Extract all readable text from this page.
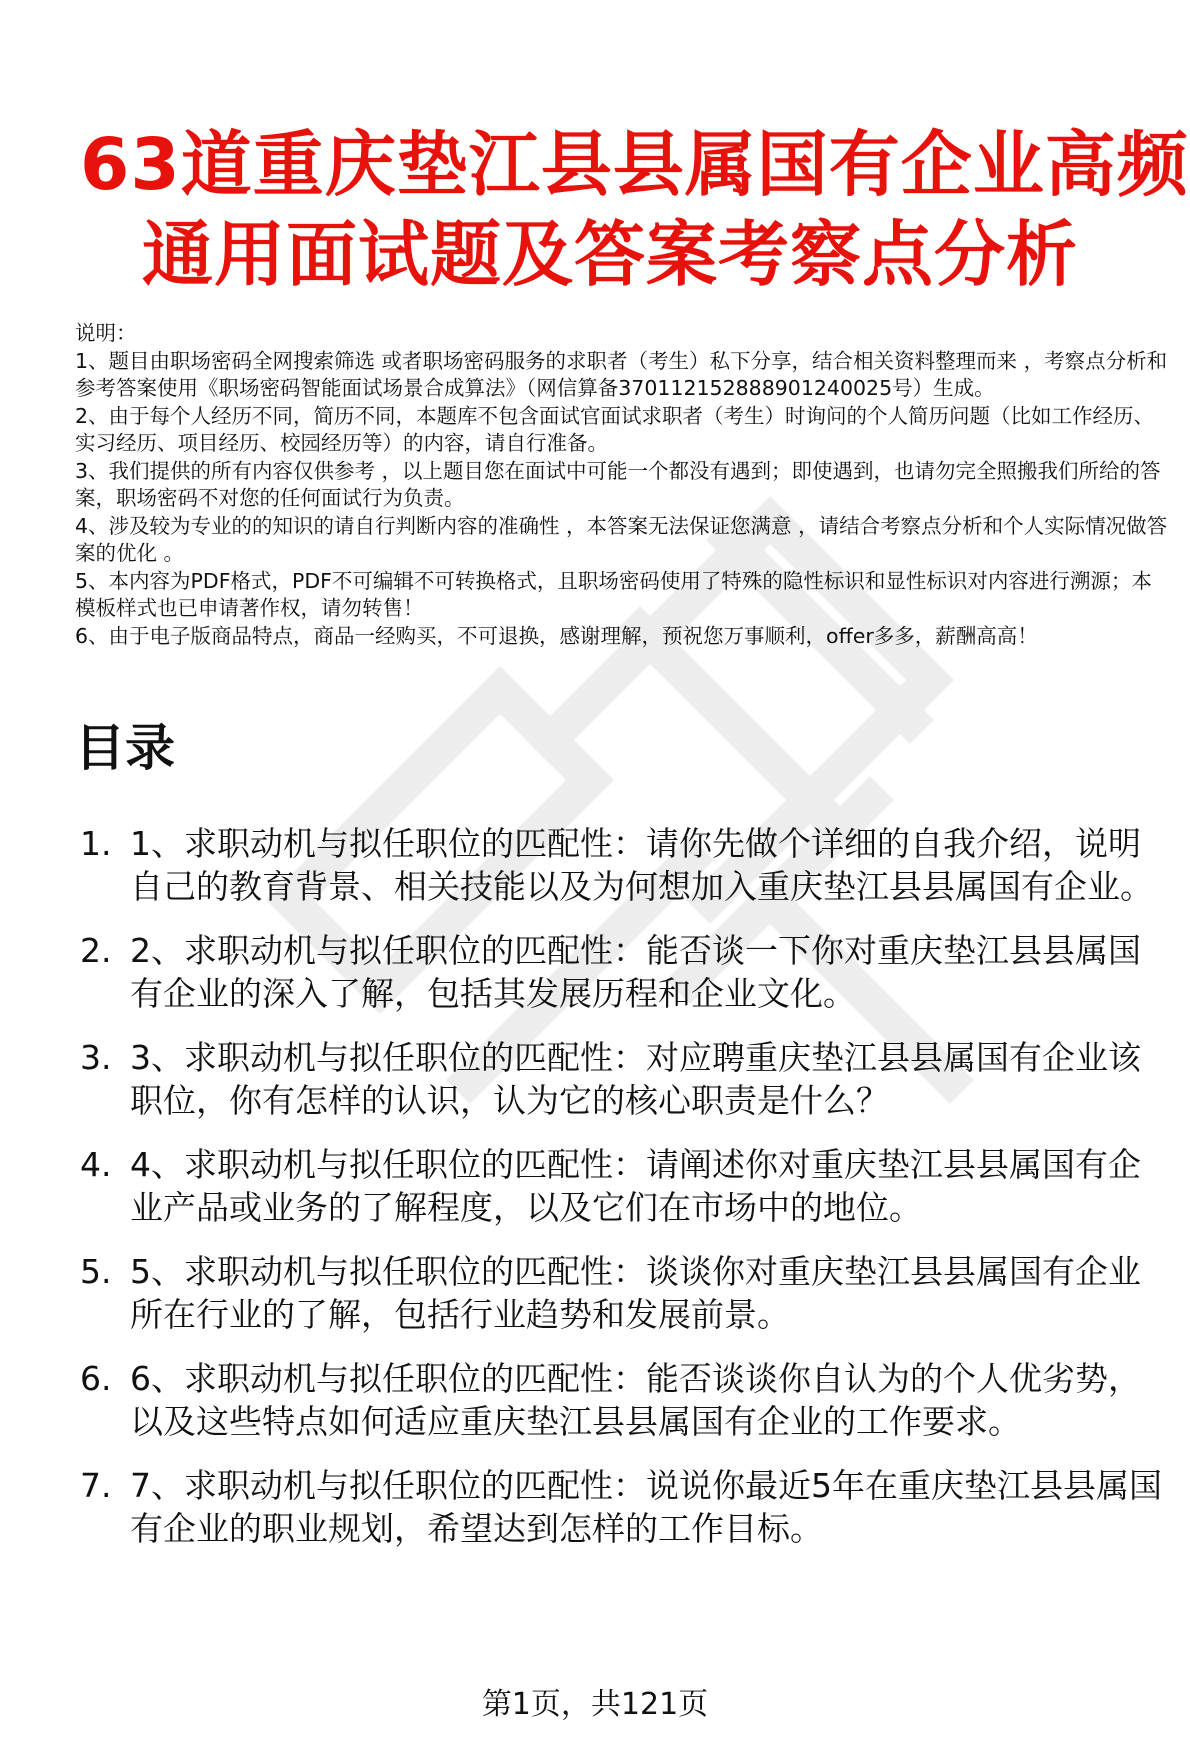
63道重庆垫江县县属国有企业高频
通用面试题及答案考察点分析
说明：
1、题目由职场密码全网搜索筛选 或者职场密码服务的求职者（考生）私下分享，结合相关资料整理而来 ，考察点分析和参考答案使用《职场密码智能面试场景合成算法》（网信算备370112152888901240025号）生成。
2、由于每个人经历不同，简历不同，本题库不包含面试官面试求职者（考生）时询问的个人简历问题（比如工作经历、实习经历、项目经历、校园经历等）的内容，请自行准备。
3、我们提供的所有内容仅供参考 ，以上题目您在面试中可能一个都没有遇到；即使遇到，也请勿完全照搬我们所给的答案，职场密码不对您的任何面试行为负责。
4、涉及较为专业的的知识的请自行判断内容的准确性 ，本答案无法保证您满意 ，请结合考察点分析和个人实际情况做答案的优化 。
5、本内容为PDF格式，PDF不可编辑不可转换格式，且职场密码使用了特殊的隐性标识和显性标识对内容进行溯源；本模板样式也已申请著作权，请勿转售！
6、由于电子版商品特点，商品一经购买，不可退换，感谢理解，预祝您万事顺利，offer多多，薪酬高高！
目录
1. 1、求职动机与拟任职位的匹配性：请你先做个详细的自我介绍，说明自己的教育背景、相关技能以及为何想加入重庆垫江县县属国有企业。
2. 2、求职动机与拟任职位的匹配性：能否谈一下你对重庆垫江县县属国有企业的深入了解，包括其发展历程和企业文化。
3. 3、求职动机与拟任职位的匹配性：对应聘重庆垫江县县属国有企业该职位，你有怎样的认识，认为它的核心职责是什么？
4. 4、求职动机与拟任职位的匹配性：请阐述你对重庆垫江县县属国有企业产品或业务的了解程度，以及它们在市场中的地位。
5. 5、求职动机与拟任职位的匹配性：谈谈你对重庆垫江县县属国有企业所在行业的了解，包括行业趋势和发展前景。
6. 6、求职动机与拟任职位的匹配性：能否谈谈你自认为的个人优劣势，以及这些特点如何适应重庆垫江县县属国有企业的工作要求。
7. 7、求职动机与拟任职位的匹配性：说说你最近5年在重庆垫江县县属国有企业的职业规划，希望达到怎样的工作目标。
第1页，共121页
